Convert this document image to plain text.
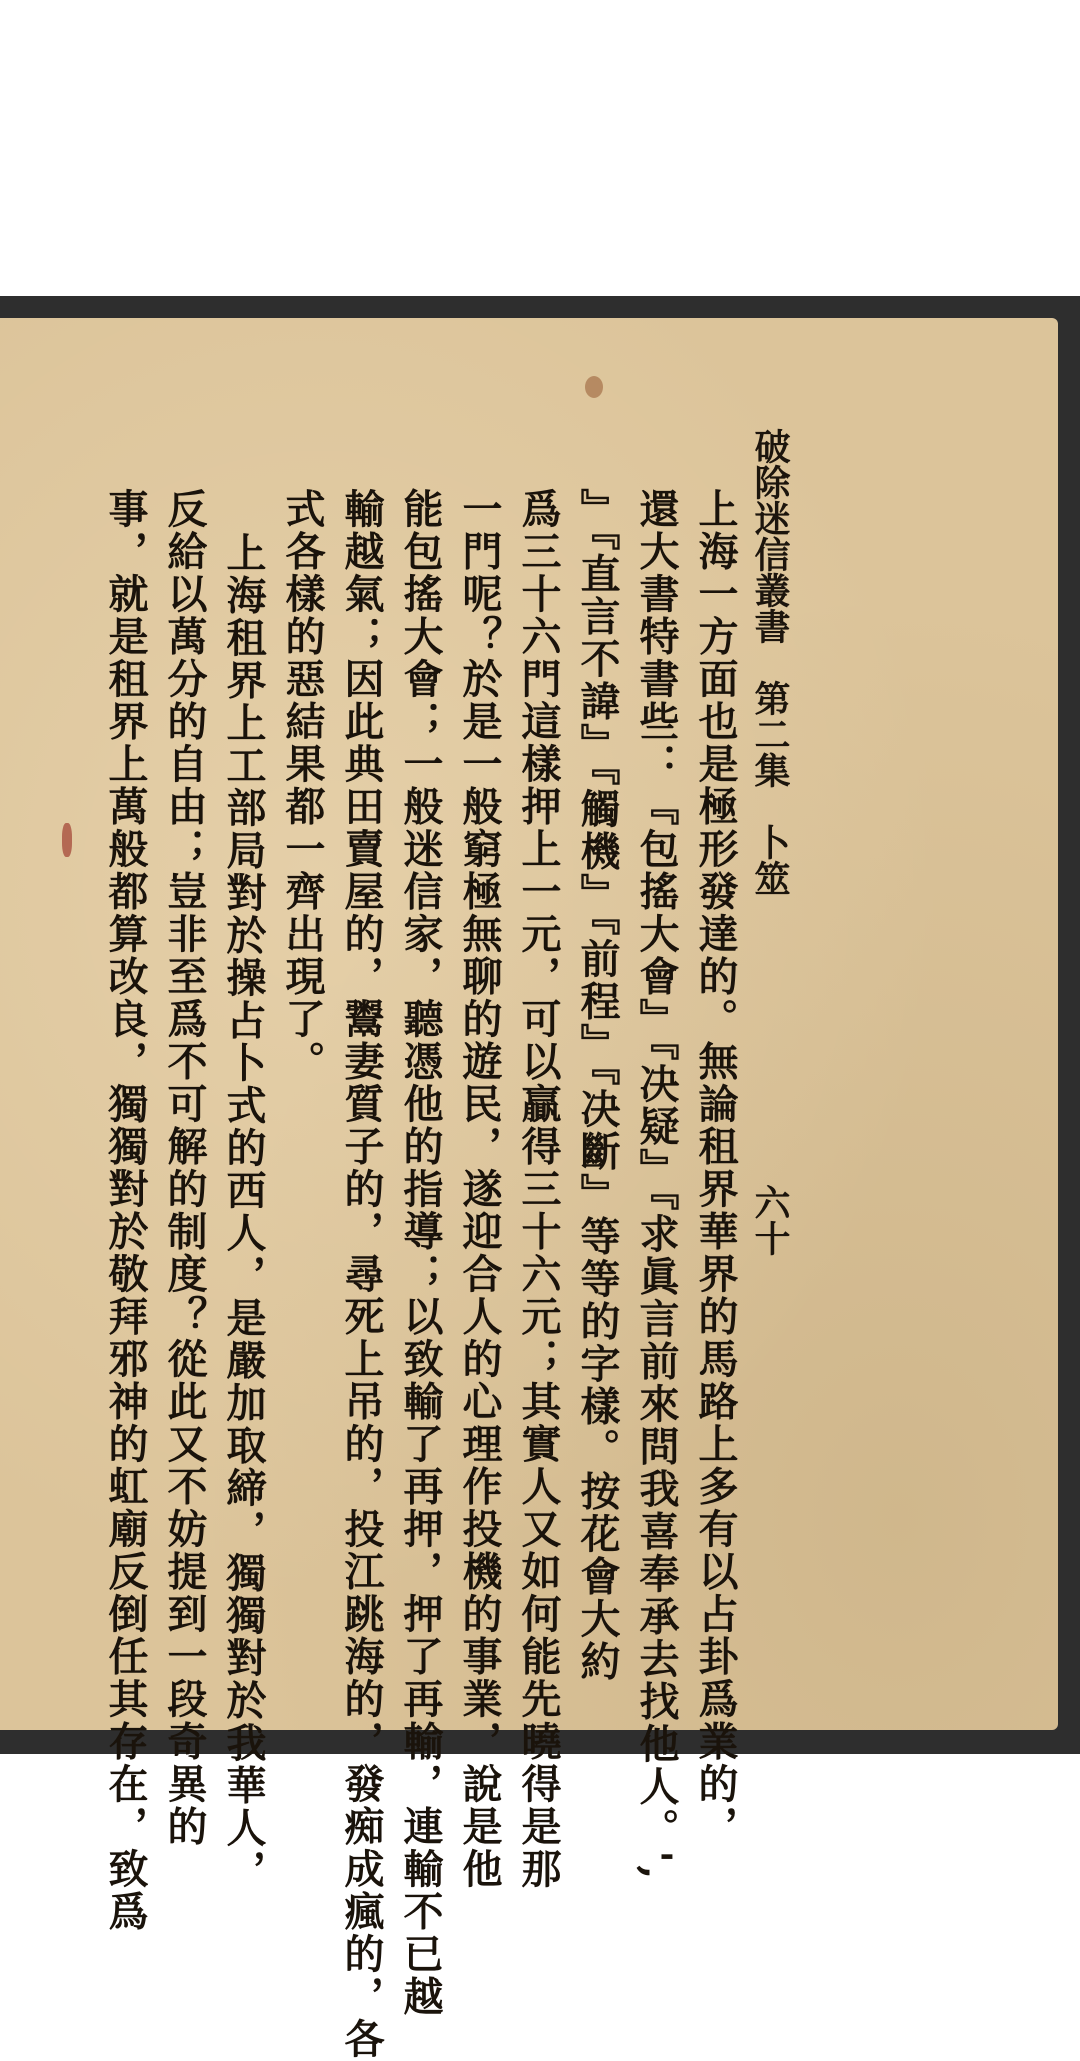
破除迷信叢書　第二集　卜筮　　　　　　　　六十

上海一方面也是極形發達的。無論租界華界的馬路上多有以占卦爲業的，

還大書特書些：『包搖大會』『决疑』『求眞言前來問我喜奉承去找他人。',

』『直言不諱』『觸機』『前程』『决斷』等等的字樣。按花會大約

爲三十六門這樣押上一元，可以贏得三十六元；其實人又如何能先曉得是那

一門呢？於是一般窮極無聊的遊民，遂迎合人的心理作投機的事業，說是他

能包搖大會；一般迷信家，聽憑他的指導；以致輸了再押，押了再輸，連輸不已越

輸越氣；因此典田賣屋的，鬻妻質子的，尋死上吊的，投江跳海的，發痴成瘋的，各

式各樣的惡結果都一齊出現了。

上海租界上工部局對於操占卜式的西人，是嚴加取締，獨獨對於我華人，

反給以萬分的自由；豈非至爲不可解的制度？從此又不妨提到一段奇異的

事，就是租界上萬般都算改良，獨獨對於敬拜邪神的虹廟反倒任其存在，致爲
